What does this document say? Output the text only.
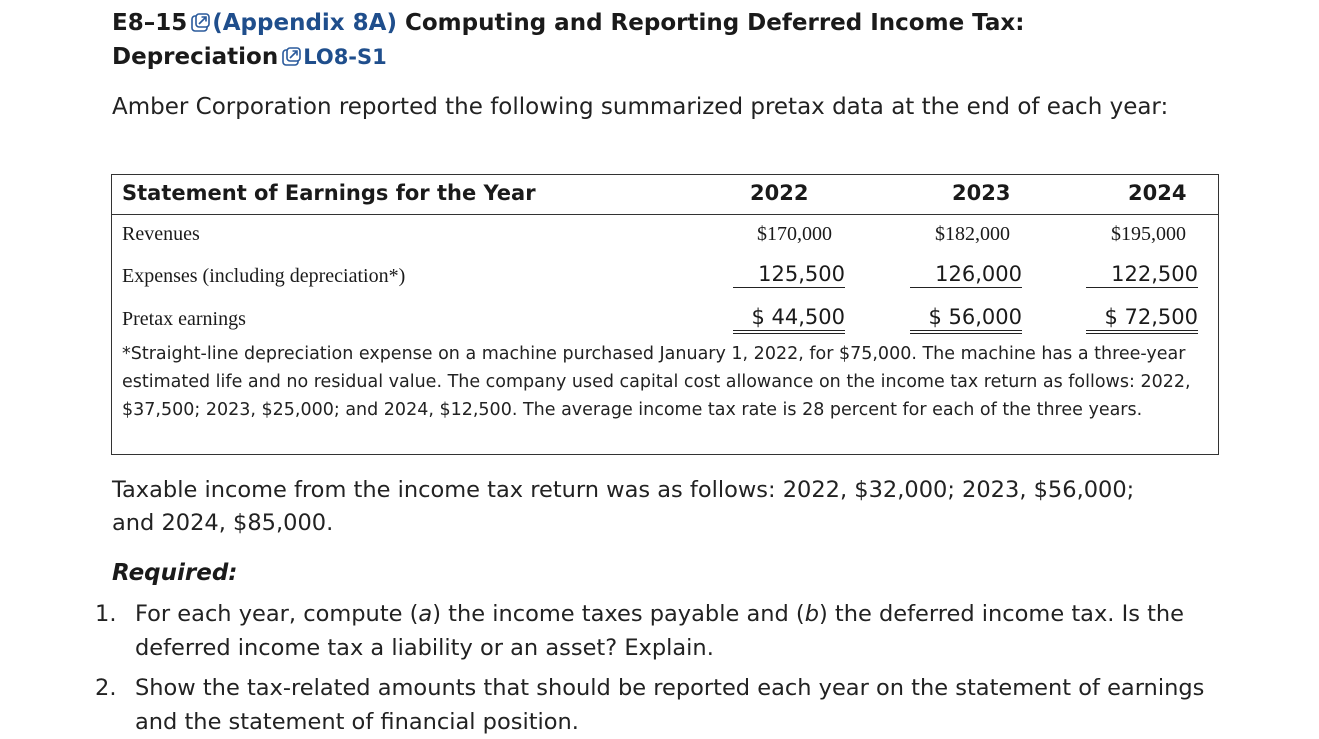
E8–15 (Appendix 8A) Computing and Reporting Deferred Income Tax:
Depreciation LO8-S1
Amber Corporation reported the following summarized pretax data at the end of each year:
Statement of Earnings for the Year	2022	2023	2024
Revenues	$170,000	$182,000	$195,000
Expenses (including depreciation*)	125,500	126,000	122,500
Pretax earnings	$ 44,500	$ 56,000	$ 72,500
*Straight-line depreciation expense on a machine purchased January 1, 2022, for $75,000. The machine has a three-year estimated life and no residual value. The company used capital cost allowance on the income tax return as follows: 2022, $37,500; 2023, $25,000; and 2024, $12,500. The average income tax rate is 28 percent for each of the three years.
Taxable income from the income tax return was as follows: 2022, $32,000; 2023, $56,000; and 2024, $85,000.
Required:
1. For each year, compute (a) the income taxes payable and (b) the deferred income tax. Is the deferred income tax a liability or an asset? Explain.
2. Show the tax-related amounts that should be reported each year on the statement of earnings and the statement of financial position.
